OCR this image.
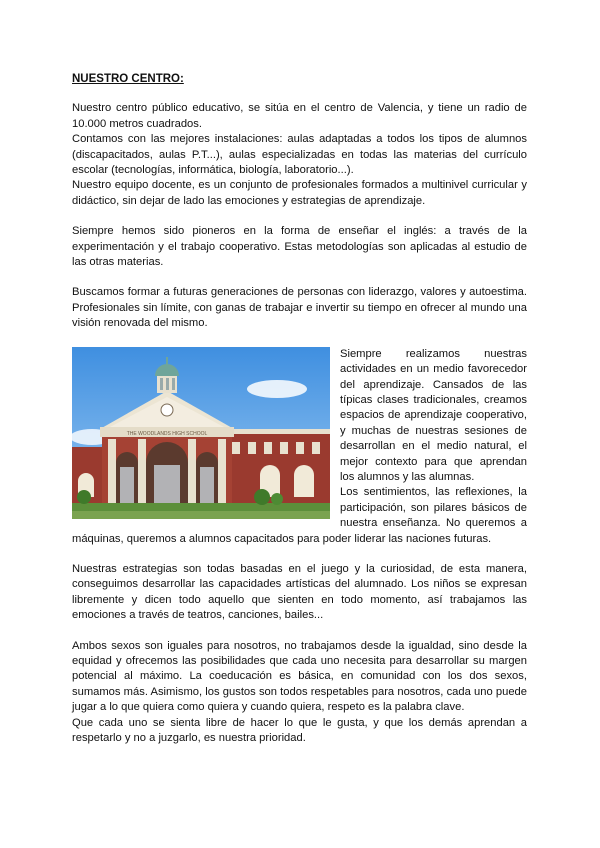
NUESTRO CENTRO:

Nuestro centro público educativo, se sitúa en el centro de Valencia, y tiene un radio de 10.000 metros cuadrados.

Contamos con las mejores instalaciones: aulas adaptadas a todos los tipos de alumnos (discapacitados, aulas P.T...), aulas especializadas en todas las materias del currículo escolar (tecnologías, informática, biología, laboratorio...).

Nuestro equipo docente, es un conjunto de profesionales formados a multinivel curricular y didáctico, sin dejar de lado las emociones y estrategias de aprendizaje.

Siempre hemos sido pioneros en la forma de enseñar el inglés: a través de la experimentación y el trabajo cooperativo. Estas metodologías son aplicadas al estudio de las otras materias.

Buscamos formar a futuras generaciones de personas con liderazgo, valores y autoestima. Profesionales sin límite, con ganas de trabajar e invertir su tiempo en ofrecer al mundo una visión renovada del mismo.

THE WOODLANDS HIGH SCHOOL

Siempre realizamos nuestras actividades en un medio favorecedor del aprendizaje. Cansados de las típicas clases tradicionales, creamos espacios de aprendizaje cooperativo, y muchas de nuestras sesiones de desarrollan en el medio natural, el mejor contexto para que aprendan los alumnos y las alumnas.

Los sentimientos, las reflexiones, la participación, son pilares básicos de nuestra enseñanza. No queremos a máquinas, queremos a alumnos capacitados para poder liderar las naciones futuras.

Nuestras estrategias son todas basadas en el juego y la curiosidad, de esta manera, conseguimos desarrollar las capacidades artísticas del alumnado. Los niños se expresan libremente y dicen todo aquello que sienten en todo momento, así trabajamos las emociones a través de teatros, canciones, bailes...

Ambos sexos son iguales para nosotros, no trabajamos desde la igualdad, sino desde la equidad y ofrecemos las posibilidades que cada uno necesita para desarrollar su margen potencial al máximo. La coeducación es básica, en comunidad con los dos sexos, sumamos más. Asimismo, los gustos son todos respetables para nosotros, cada uno puede jugar a lo que quiera como quiera y cuando quiera, respeto es la palabra clave.

Que cada uno se sienta libre de hacer lo que le gusta, y que los demás aprendan a respetarlo y no a juzgarlo, es nuestra prioridad.
